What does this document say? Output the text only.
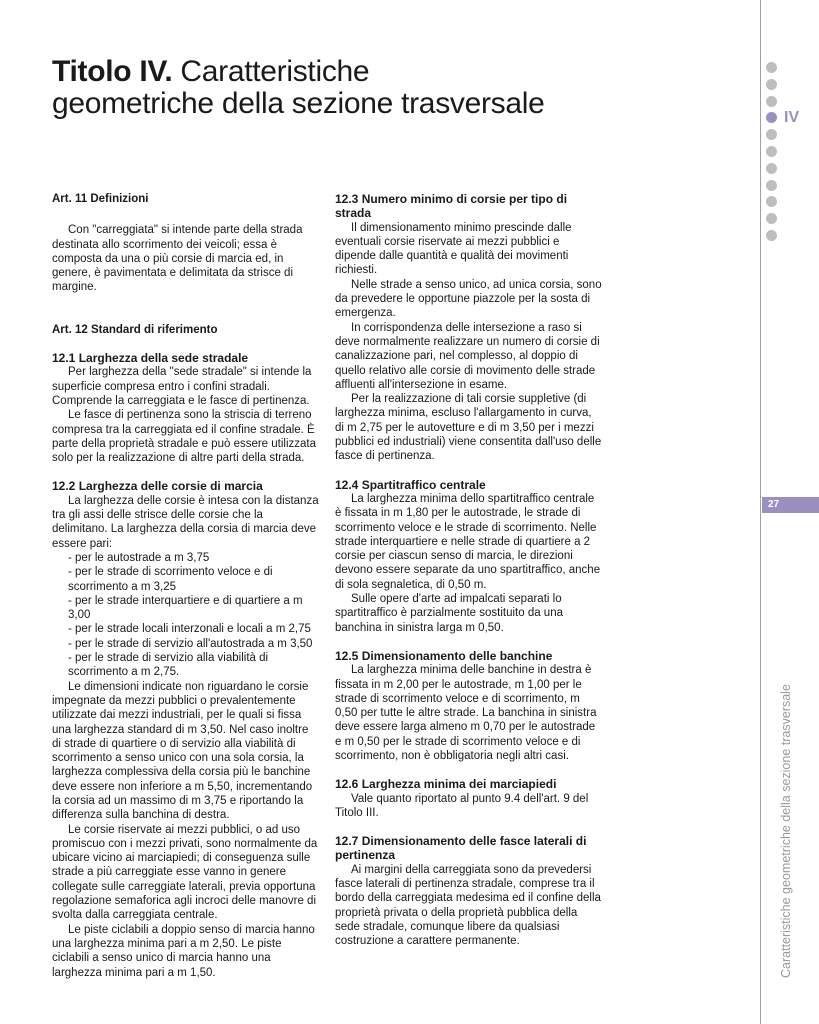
Titolo IV. Caratteristiche
geometriche della sezione trasversale

Art. 11 Definizioni

Con "carreggiata" si intende parte della strada destinata allo scorrimento dei veicoli; essa è composta da una o più corsie di marcia ed, in genere, è pavimentata e delimitata da strisce di margine.

Art. 12 Standard di riferimento

12.1 Larghezza della sede stradale

Per larghezza della "sede stradale" si intende la superficie compresa entro i confini stradali. Comprende la carreggiata e le fasce di pertinenza.

Le fasce di pertinenza sono la striscia di terreno compresa tra la carreggiata ed il confine stradale. È parte della proprietà stradale e può essere utilizzata solo per la realizzazione di altre parti della strada.

12.2 Larghezza delle corsie di marcia

La larghezza delle corsie è intesa con la distanza tra gli assi delle strisce delle corsie che la delimitano. La larghezza della corsia di marcia deve essere pari:

- per le autostrade a m 3,75

- per le strade di scorrimento veloce e di scorrimento a m 3,25

- per le strade interquartiere e di quartiere a m 3,00

- per le strade locali interzonali e locali a m 2,75

- per le strade di servizio all'autostrada a m 3,50

- per le strade di servizio alla viabilità di scorrimento a m 2,75.

Le dimensioni indicate non riguardano le corsie impegnate da mezzi pubblici o prevalentemente utilizzate dai mezzi industriali, per le quali si fissa una larghezza standard di m 3,50. Nel caso inoltre di strade di quartiere o di servizio alla viabilità di scorrimento a senso unico con una sola corsia, la larghezza complessiva della corsia più le banchine deve essere non inferiore a m 5,50, incrementando la corsia ad un massimo di m 3,75 e riportando la differenza sulla banchina di destra.

Le corsie riservate ai mezzi pubblici, o ad uso promiscuo con i mezzi privati, sono normalmente da ubicare vicino ai marciapiedi; di conseguenza sulle strade a più carreggiate esse vanno in genere collegate sulle carreggiate laterali, previa opportuna regolazione semaforica agli incroci delle manovre di svolta dalla carreggiata centrale.

Le piste ciclabili a doppio senso di marcia hanno una larghezza minima pari a m 2,50. Le piste ciclabili a senso unico di marcia hanno una larghezza minima pari a m 1,50.

12.3 Numero minimo di corsie per tipo di strada

Il dimensionamento minimo prescinde dalle eventuali corsie riservate ai mezzi pubblici e dipende dalle quantità e qualità dei movimenti richiesti.

Nelle strade a senso unico, ad unica corsia, sono da prevedere le opportune piazzole per la sosta di emergenza.

In corrispondenza delle intersezione a raso si deve normalmente realizzare un numero di corsie di canalizzazione pari, nel complesso, al doppio di quello relativo alle corsie di movimento delle strade affluenti all'intersezione in esame.

Per la realizzazione di tali corsie suppletive (di larghezza minima, escluso l'allargamento in curva, di m 2,75 per le autovetture e di m 3,50 per i mezzi pubblici ed industriali) viene consentita dall'uso delle fasce di pertinenza.

12.4 Spartitraffico centrale

La larghezza minima dello spartitraffico centrale è fissata in m 1,80 per le autostrade, le strade di scorrimento veloce e le strade di scorrimento. Nelle strade interquartiere e nelle strade di quartiere a 2 corsie per ciascun senso di marcia, le direzioni devono essere separate da uno spartitraffico, anche di sola segnaletica, di 0,50 m.

Sulle opere d'arte ad impalcati separati lo spartitraffico è parzialmente sostituito da una banchina in sinistra larga m 0,50.

12.5 Dimensionamento delle banchine

La larghezza minima delle banchine in destra è fissata in m 2,00 per le autostrade, m 1,00 per le strade di scorrimento veloce e di scorrimento, m 0,50 per tutte le altre strade. La banchina in sinistra deve essere larga almeno m 0,70 per le autostrade e m 0,50 per le strade di scorrimento veloce e di scorrimento, non è obbligatoria negli altri casi.

12.6 Larghezza minima dei marciapiedi

Vale quanto riportato al punto 9.4 dell'art. 9 del Titolo III.

12.7 Dimensionamento delle fasce laterali di pertinenza

Ai margini della carreggiata sono da prevedersi fasce laterali di pertinenza stradale, comprese tra il bordo della carreggiata medesima ed il confine della proprietà privata o della proprietà pubblica della sede stradale, comunque libere da qualsiasi costruzione a carattere permanente.

IV
27
Caratteristiche geometriche della sezione trasversale
